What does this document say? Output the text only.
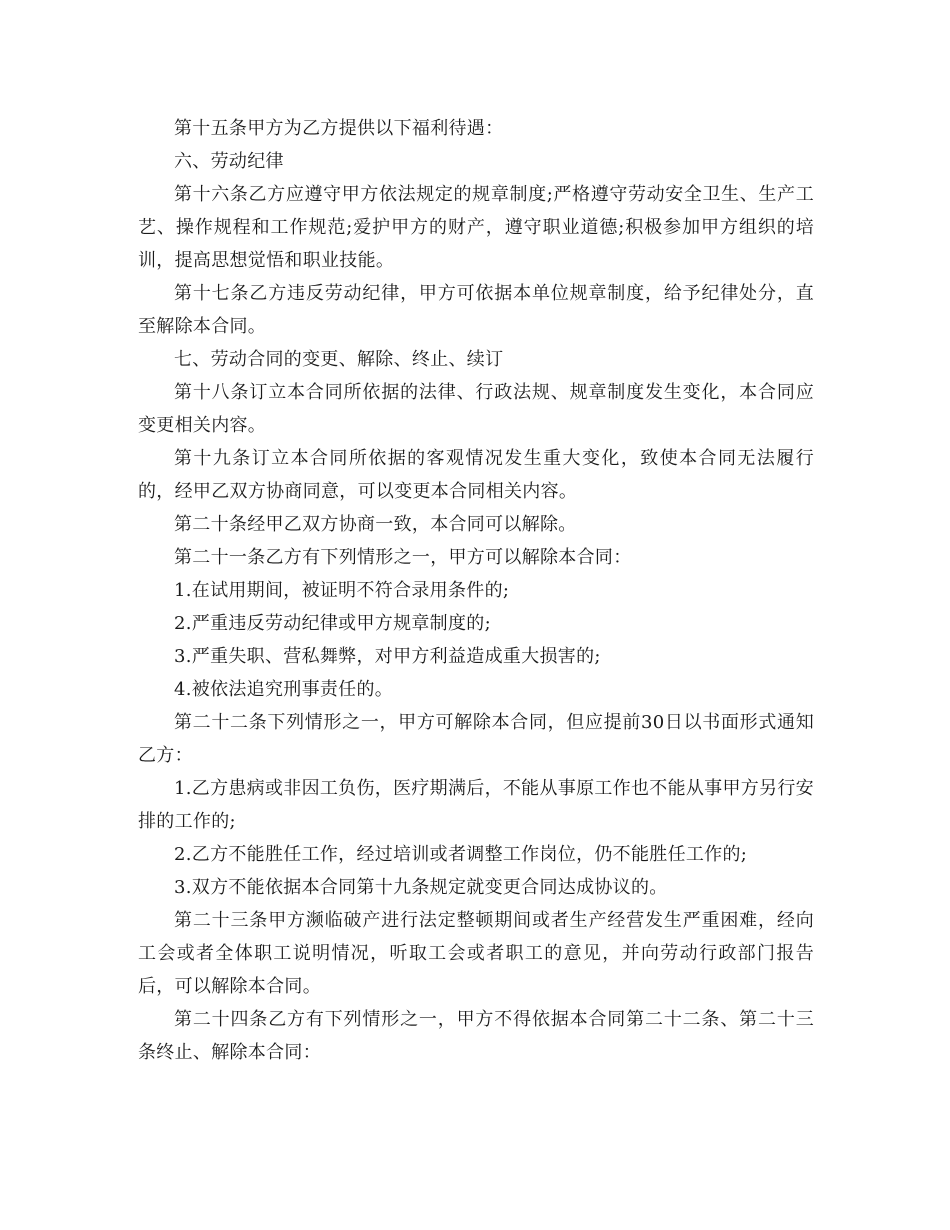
第十五条甲方为乙方提供以下福利待遇：

六、劳动纪律

第十六条乙方应遵守甲方依法规定的规章制度;严格遵守劳动安全卫生、生产工艺、操作规程和工作规范;爱护甲方的财产，遵守职业道德;积极参加甲方组织的培训，提高思想觉悟和职业技能。

第十七条乙方违反劳动纪律，甲方可依据本单位规章制度，给予纪律处分，直至解除本合同。

七、劳动合同的变更、解除、终止、续订

第十八条订立本合同所依据的法律、行政法规、规章制度发生变化，本合同应变更相关内容。

第十九条订立本合同所依据的客观情况发生重大变化，致使本合同无法履行的，经甲乙双方协商同意，可以变更本合同相关内容。

第二十条经甲乙双方协商一致，本合同可以解除。

第二十一条乙方有下列情形之一，甲方可以解除本合同：

1.在试用期间，被证明不符合录用条件的;

2.严重违反劳动纪律或甲方规章制度的;

3.严重失职、营私舞弊，对甲方利益造成重大损害的;

4.被依法追究刑事责任的。

第二十二条下列情形之一，甲方可解除本合同，但应提前30日以书面形式通知乙方：

1.乙方患病或非因工负伤，医疗期满后，不能从事原工作也不能从事甲方另行安排的工作的;

2.乙方不能胜任工作，经过培训或者调整工作岗位，仍不能胜任工作的;

3.双方不能依据本合同第十九条规定就变更合同达成协议的。

第二十三条甲方濒临破产进行法定整顿期间或者生产经营发生严重困难，经向工会或者全体职工说明情况，听取工会或者职工的意见，并向劳动行政部门报告后，可以解除本合同。

第二十四条乙方有下列情形之一，甲方不得依据本合同第二十二条、第二十三条终止、解除本合同：
